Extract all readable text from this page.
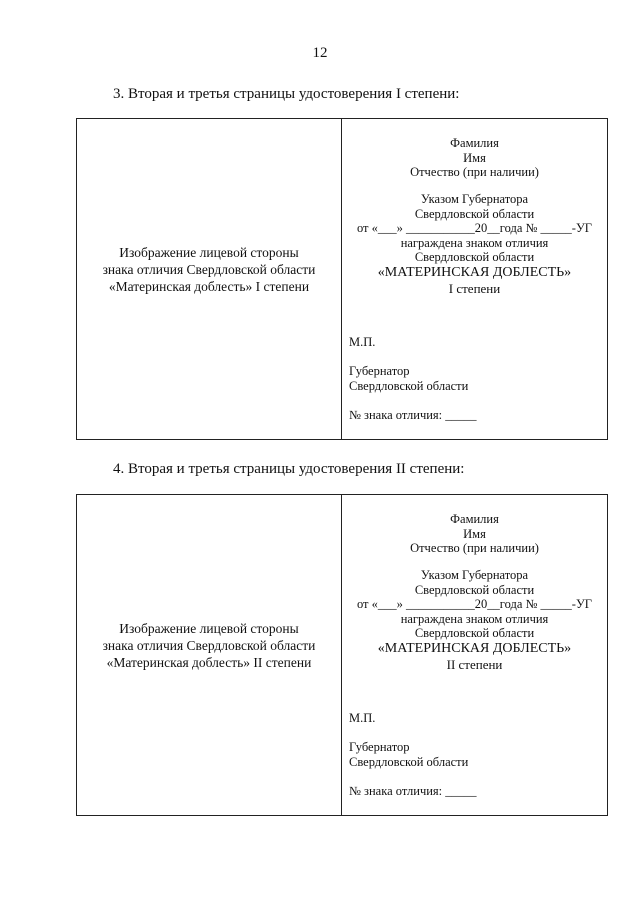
12
3. Вторая и третья страницы удостоверения I степени:
Изображение лицевой стороны
знака отличия Свердловской области
«Материнская доблесть» I степени
Фамилия
Имя
Отчество (при наличии)
Указом Губернатора
Свердловской области
от «___» ___________20__года № _____-УГ
награждена знаком отличия
Свердловской области
«МАТЕРИНСКАЯ ДОБЛЕСТЬ»
I степени
М.П.
Губернатор
Свердловской области
№ знака отличия: _____
4. Вторая и третья страницы удостоверения II степени:
Изображение лицевой стороны
знака отличия Свердловской области
«Материнская доблесть» II степени
Фамилия
Имя
Отчество (при наличии)
Указом Губернатора
Свердловской области
от «___» ___________20__года № _____-УГ
награждена знаком отличия
Свердловской области
«МАТЕРИНСКАЯ ДОБЛЕСТЬ»
II степени
М.П.
Губернатор
Свердловской области
№ знака отличия: _____
